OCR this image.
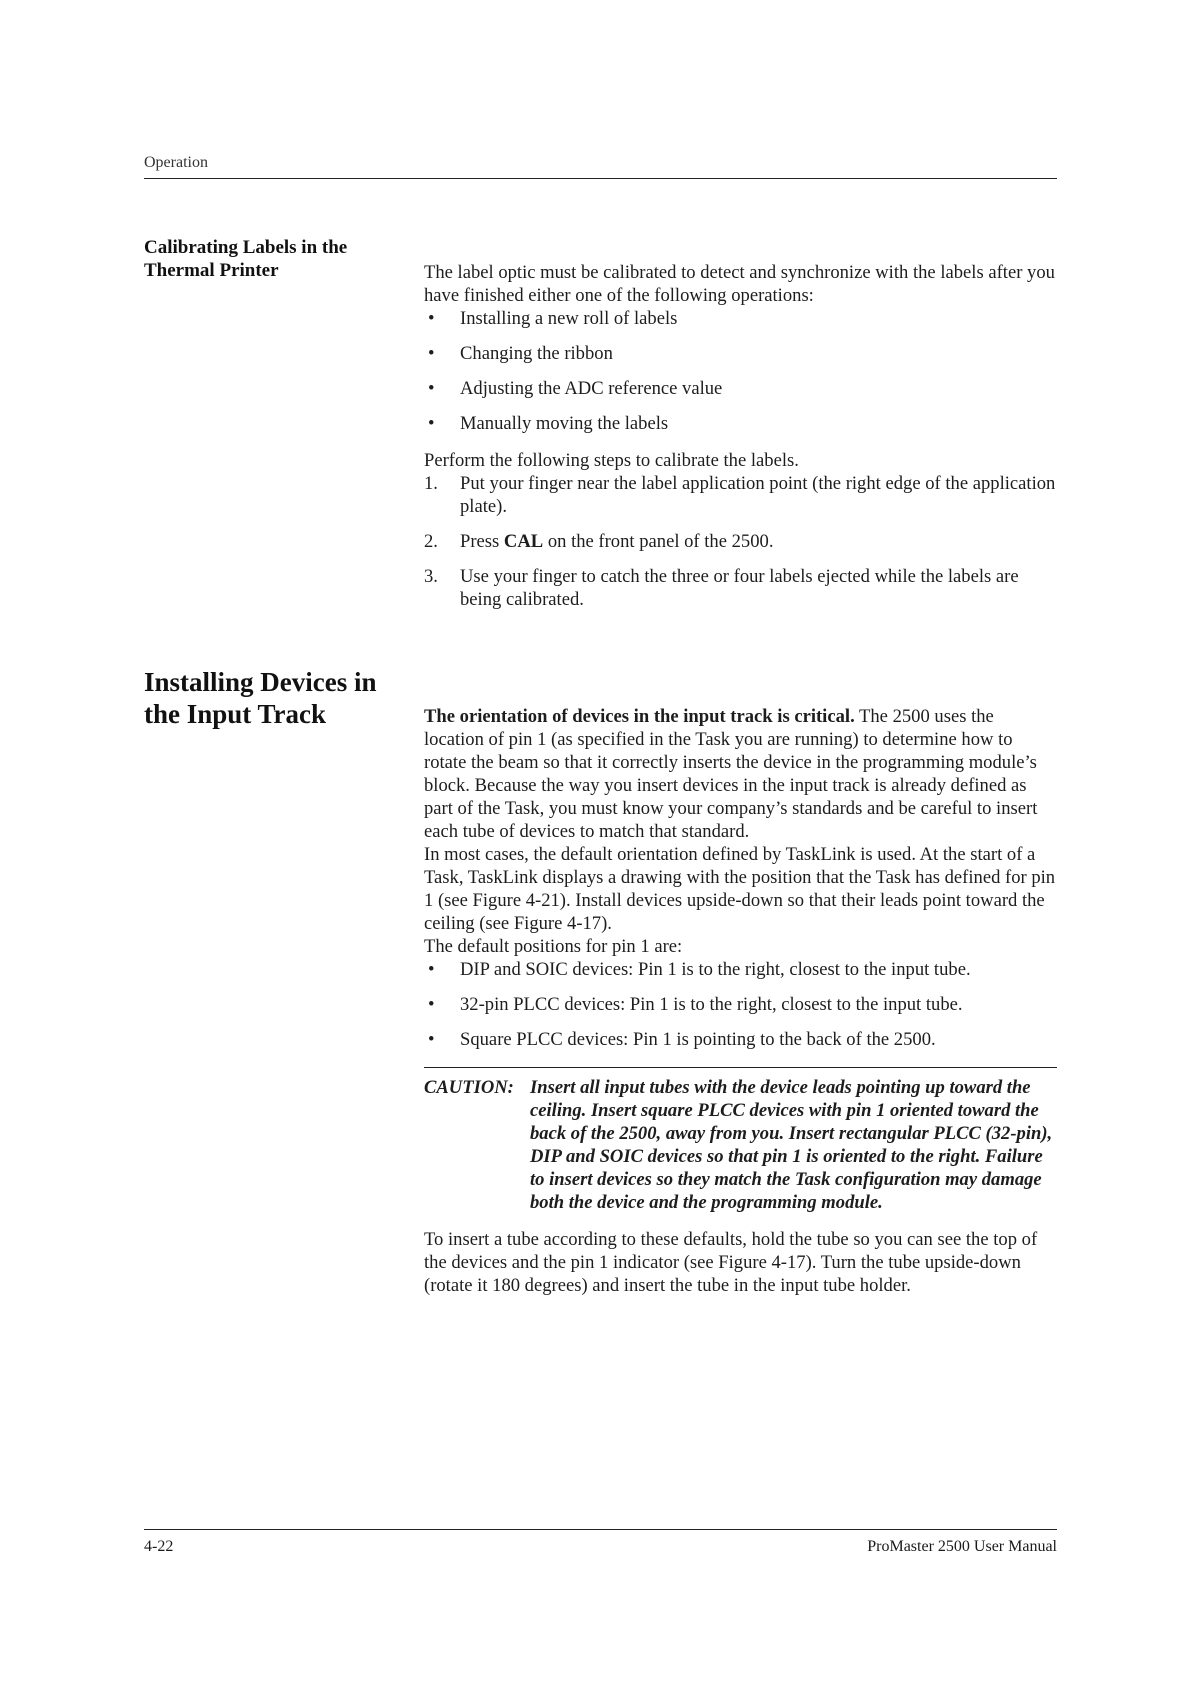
Operation
Calibrating Labels in the
Thermal Printer	The label optic must be calibrated to detect and synchronize with the labels after you have finished either one of the following operations:

• Installing a new roll of labels
• Changing the ribbon
• Adjusting the ADC reference value
• Manually moving the labels

Perform the following steps to calibrate the labels.

1. Put your finger near the label application point (the right edge of the application plate).
2. Press CAL on the front panel of the 2500.
3. Use your finger to catch the three or four labels ejected while the labels are being calibrated.
Installing Devices in
the Input Track	The orientation of devices in the input track is critical. The 2500 uses the location of pin 1 (as specified in the Task you are running) to determine how to rotate the beam so that it correctly inserts the device in the programming module’s block. Because the way you insert devices in the input track is already defined as part of the Task, you must know your company’s standards and be careful to insert each tube of devices to match that standard.

In most cases, the default orientation defined by TaskLink is used. At the start of a Task, TaskLink displays a drawing with the position that the Task has defined for pin 1 (see Figure 4-21). Install devices upside-down so that their leads point toward the ceiling (see Figure 4-17).

The default positions for pin 1 are:

• DIP and SOIC devices: Pin 1 is to the right, closest to the input tube.
• 32-pin PLCC devices: Pin 1 is to the right, closest to the input tube.
• Square PLCC devices: Pin 1 is pointing to the back of the 2500.
CAUTION: Insert all input tubes with the device leads pointing up toward the ceiling. Insert square PLCC devices with pin 1 oriented toward the back of the 2500, away from you. Insert rectangular PLCC (32-pin), DIP and SOIC devices so that pin 1 is oriented to the right. Failure to insert devices so they match the Task configuration may damage both the device and the programming module.

To insert a tube according to these defaults, hold the tube so you can see the top of the devices and the pin 1 indicator (see Figure 4-17). Turn the tube upside-down (rotate it 180 degrees) and insert the tube in the input tube holder.

4-22	ProMaster 2500 User Manual
